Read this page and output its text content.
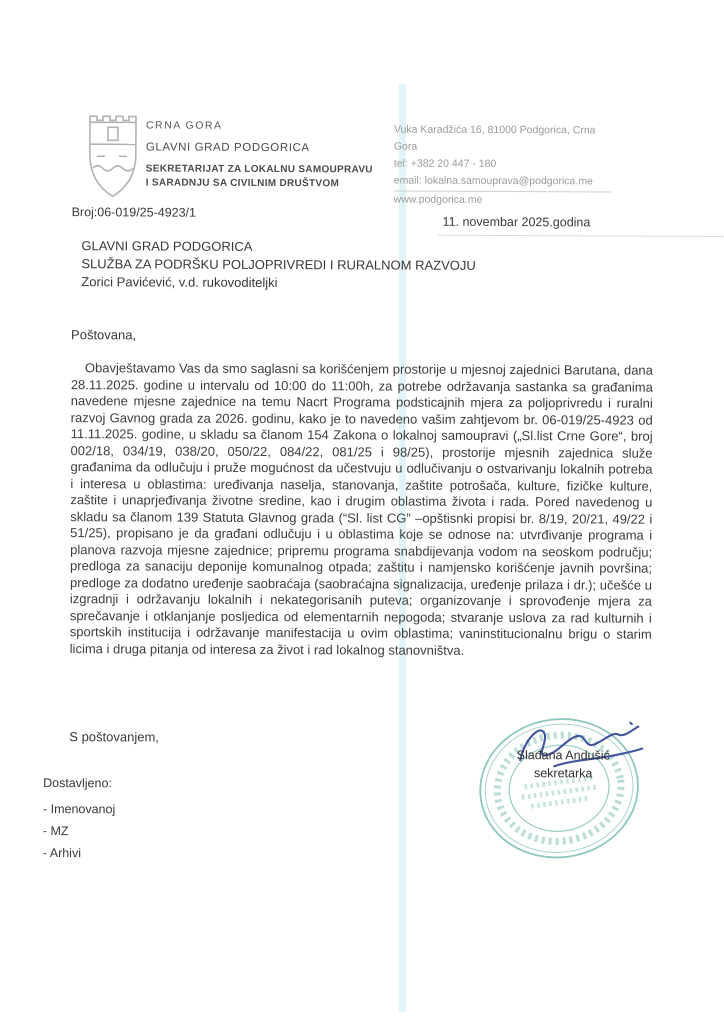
CRNA GORA
GLAVNI GRAD PODGORICA
SEKRETARIJAT ZA LOKALNU SAMOUPRAVU
I SARADNJU SA CIVILNIM DRUŠTVOM
Vuka Karadžića 16, 81000 Podgorica, Crna Gora
tel: +382 20 447 - 180
email: lokalna.samouprava@podgorica.me
www.podgorica.me
Broj:06-019/25-4923/1
11. novembar 2025.godina
GLAVNI GRAD PODGORICA
SLUŽBA ZA PODRŠKU POLJOPRIVREDI I RURALNOM RAZVOJU
Zorici Pavićević, v.d. rukovoditeljki
Poštovana,
Obavještavamo Vas da smo saglasni sa korišćenjem prostorije u mjesnoj zajednici Barutana, dana 28.11.2025. godine u intervalu od 10:00 do 11:00h, za potrebe održavanja sastanka sa građanima navedene mjesne zajednice na temu Nacrt Programa podsticajnih mjera za poljoprivredu i ruralni razvoj Gavnog grada za 2026. godinu, kako je to navedeno vašim zahtjevom br. 06-019/25-4923 od 11.11.2025. godine, u skladu sa članom 154 Zakona o lokalnoj samoupravi („Sl.list Crne Gore“, broj 002/18, 034/19, 038/20, 050/22, 084/22, 081/25 i 98/25), prostorije mjesnih zajednica služe građanima da odlučuju i pruže mogućnost da učestvuju u odlučivanju o ostvarivanju lokalnih potreba i interesa u oblastima: uređivanja naselja, stanovanja, zaštite potrošača, kulture, fizičke kulture, zaštite i unaprjeđivanja životne sredine, kao i drugim oblastima života i rada. Pored navedenog u skladu sa članom 139 Statuta Glavnog grada (“Sl. list CG” –opštisnki propisi br. 8/19, 20/21, 49/22 i 51/25), propisano je da građani odlučuju i u oblastima koje se odnose na: utvrđivanje programa i planova razvoja mjesne zajednice; pripremu programa snabdijevanja vodom na seoskom području; predloga za sanaciju deponije komunalnog otpada; zaštitu i namjensko korišćenje javnih površina; predloge za dodatno uređenje saobraćaja (saobraćajna signalizacija, uređenje prilaza i dr.); učešće u izgradnji i održavanju lokalnih i nekategorisanih puteva; organizovanje i sprovođenje mjera za sprečavanje i otklanjanje posljedica od elementarnih nepogoda; stvaranje uslova za rad kulturnih i sportskih institucija i održavanje manifestacija u ovim oblastima; vaninstitucionalnu brigu o starim licima i druga pitanja od interesa za život i rad lokalnog stanovništva.
S poštovanjem,
Slađana Andušić
sekretarka
Dostavljeno:
- Imenovanoj
- MZ
- Arhivi
